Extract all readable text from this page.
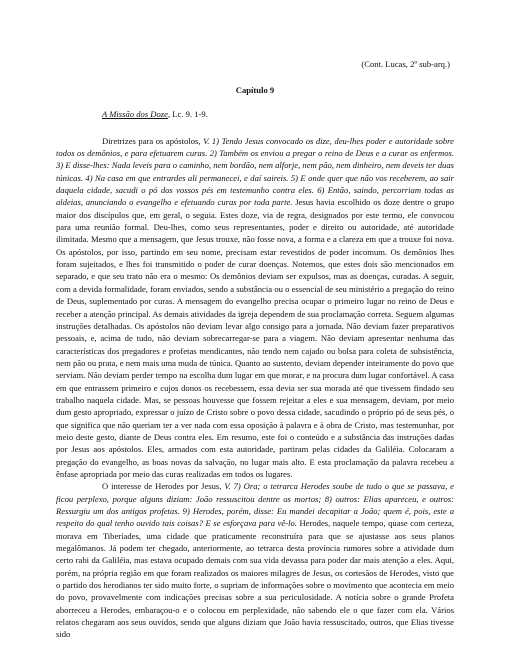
(Cont. Lucas, 2º sub-arq.)
Capítulo 9
A Missão dos Doze, Lc. 9. 1-9.

Diretrizes para os apóstolos, V. 1) Tendo Jesus convocado os dize, deu-lhes poder e autoridade sobre todos os demônios, e para efetuarem curas. 2) Também os enviou a pregar o reino de Deus e a curar os enfermos. 3) E disse-lhes: Nada leveis para o caminho, nem bordão, nem alforje, nem pão, nem dinheiro, nem deveis ter duas túnicas. 4) Na casa em que entrardes ali permanecei, e daí saireis. 5) E onde quer que não vos receberem, ao sair daquela cidade, sacudi o pó dos vossos pés em testemunho contra eles. 6) Então, saindo, percorriam todas as aldeias, anunciando o evangelho e efetuando curas por toda parte. Jesus havia escolhido os doze dentre o grupo maior dos discípulos que, em geral, o seguia. Estes doze, via de regra, designados por este termo, ele convocou para uma reunião formal. Deu-lhes, como seus representantes, poder e direito ou autoridade, até autoridade ilimitada. Mesmo que a mensagem, que Jesus trouxe, não fosse nova, a forma e a clareza em que a trouxe foi nova. Os apóstolos, por isso, partindo em seu nome, precisam estar revestidos de poder incomum. Os demônios lhes foram sujeitados, e lhes foi transmitido o poder de curar doenças. Notemos, que estes dois são mencionados em separado, e que seu trato não era o mesmo: Os demônios deviam ser expulsos, mas as doenças, curadas. A seguir, com a devida formalidade, foram enviados, sendo a substância ou o essencial de seu ministério a pregação do reino de Deus, suplementado por curas. A mensagem do evangelho precisa ocupar o primeiro lugar no reino de Deus e receber a atenção principal. As demais atividades da igreja dependem de sua proclamação correta. Seguem algumas instruções detalhadas. Os apóstolos não deviam levar algo consigo para a jornada. Não deviam fazer preparativos pessoais, e, acima de tudo, não deviam sobrecarregar-se para a viagem. Não deviam apresentar nenhuma das características dos pregadores e profetas mendicantes, não tendo nem cajado ou bolsa para coleta de subsistência, nem pão ou prata, e nem mais uma muda de túnica. Quanto ao sustento, deviam depender inteiramente do povo que serviam. Não deviam perder tempo na escolha dum lugar em que morar, e na procura dum lugar confortável. A casa em que entrassem primeiro e cujos donos os recebessem, essa devia ser sua morada até que tivessem findado seu trabalho naquela cidade. Mas, se pessoas houvesse que fossem rejeitar a eles e sua mensagem, deviam, por meio dum gesto apropriado, expressar o juízo de Cristo sobre o povo dessa cidade, sacudindo o próprio pó de seus pés, o que significa que não queriam ter a ver nada com essa oposição à palavra e à obra de Cristo, mas testemunhar, por meio deste gesto, diante de Deus contra eles. Em resumo, este foi o conteúdo e a substância das instruções dadas por Jesus aos apóstolos. Eles, armados com esta autoridade, partiram pelas cidades da Galiléia. Colocaram a pregação do evangelho, as boas novas da salvação, no lugar mais alto. E esta proclamação da palavra recebeu a ênfase apropriada por meio das curas realizadas em todos os lugares.

O interesse de Herodes por Jesus, V. 7) Ora; o tetrarca Herodes soube de tudo o que se passava, e ficou perplexo, porque alguns diziam: João ressuscitou dentre os mortos; 8) outros: Elias apareceu, e outros: Ressurgiu um dos antigos profetas. 9) Herodes, porém, disse: Eu mandei decapitar a João; quem é, pois, este a respeito do qual tenho ouvido tais coisas? E se esforçava para vê-lo. Herodes, naquele tempo, quase com certeza, morava em Tiberíades, uma cidade que praticamente reconstruíra para que se ajustasse aos seus planos megalômanos. Já podem ter chegado, anteriormente, ao tetrarca desta província rumores sobre a atividade dum certo rabi da Galiléia, mas estava ocupado demais com sua vida devassa para poder dar mais atenção a eles. Aqui, porém, na própria região em que foram realizados os maiores milagres de Jesus, os cortesãos de Herodes, visto que o partido dos herodianos ter sido muito forte, o supriam de informações sobre o movimento que acontecia em meio do povo, provavelmente com indicações precisas sobre a sua periculosidade. A notícia sobre o grande Profeta aborreceu a Herodes, embaraçou-o e o colocou em perplexidade, não sabendo ele o que fazer com ela. Vários relatos chegaram aos seus ouvidos, sendo que alguns diziam que João havia ressuscitado, outros, que Elias tivesse sido
